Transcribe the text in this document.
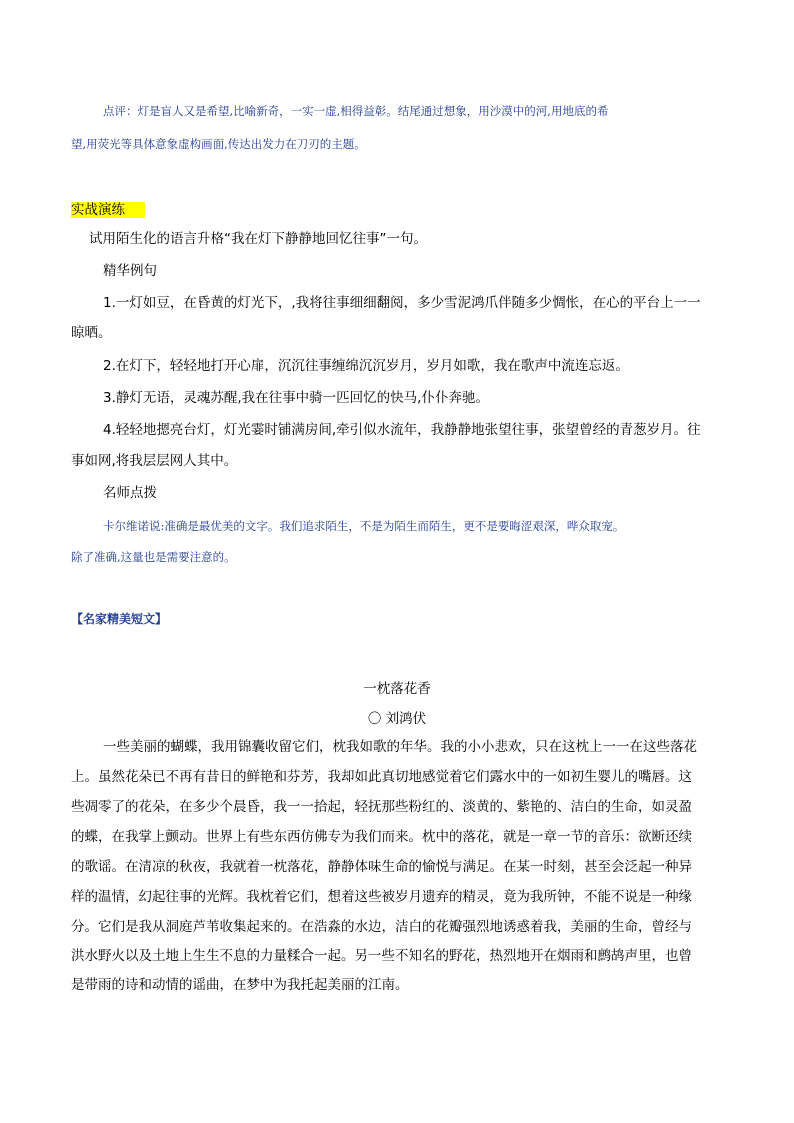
点评：灯是盲人又是希望,比喻新奇，一实一虚,相得益彰。结尾通过想象，用沙漠中的河,用地底的希
望,用荧光等具体意象虚构画面,传达出发力在刀刃的主题。
实战演练
试用陌生化的语言升格“我在灯下静静地回忆往事”一句。
精华例句
1.一灯如豆，在昏黄的灯光下，,我将往事细细翻阅，多少雪泥鸿爪伴随多少惆怅，在心的平台上一一
晾晒。
2.在灯下，轻轻地打开心扉，沉沉往事缠绵沉沉岁月，岁月如歌，我在歌声中流连忘返。
3.静灯无语，灵魂苏醒,我在往事中骑一匹回忆的快马,仆仆奔驰。
4.轻轻地摁亮台灯，灯光霎时铺满房间,牵引似水流年，我静静地张望往事，张望曾经的青葱岁月。往
事如网,将我层层网人其中。
名师点拨
卡尔维诺说:准确是最优美的文字。我们追求陌生，不是为陌生而陌生，更不是要晦涩艰深，哗众取宠。
除了准确,这量也是需要注意的。
【名家精美短文】
一枕落花香
〇 刘鸿伏
一些美丽的蝴蝶，我用锦囊收留它们，枕我如歌的年华。我的小小悲欢，只在这枕上一一在这些落花
上。虽然花朵已不再有昔日的鲜艳和芬芳，我却如此真切地感觉着它们露水中的一如初生婴儿的嘴唇。这
些凋零了的花朵，在多少个晨昏，我一一拾起，轻抚那些粉红的、淡黄的、紫艳的、洁白的生命，如灵盈
的蝶，在我掌上颤动。世界上有些东西仿佛专为我们而来。枕中的落花，就是一章一节的音乐：欲断还续
的歌谣。在清凉的秋夜，我就着一枕落花，静静体味生命的愉悦与满足。在某一时刻，甚至会泛起一种异
样的温情，幻起往事的光辉。我枕着它们，想着这些被岁月遗弃的精灵，竟为我所钟，不能不说是一种缘
分。它们是我从洞庭芦苇收集起来的。在浩淼的水边，洁白的花瓣强烈地诱惑着我，美丽的生命，曾经与
洪水野火以及土地上生生不息的力量糅合一起。另一些不知名的野花，热烈地开在烟雨和鹧鸪声里，也曾
是带雨的诗和动情的谣曲，在梦中为我托起美丽的江南。
